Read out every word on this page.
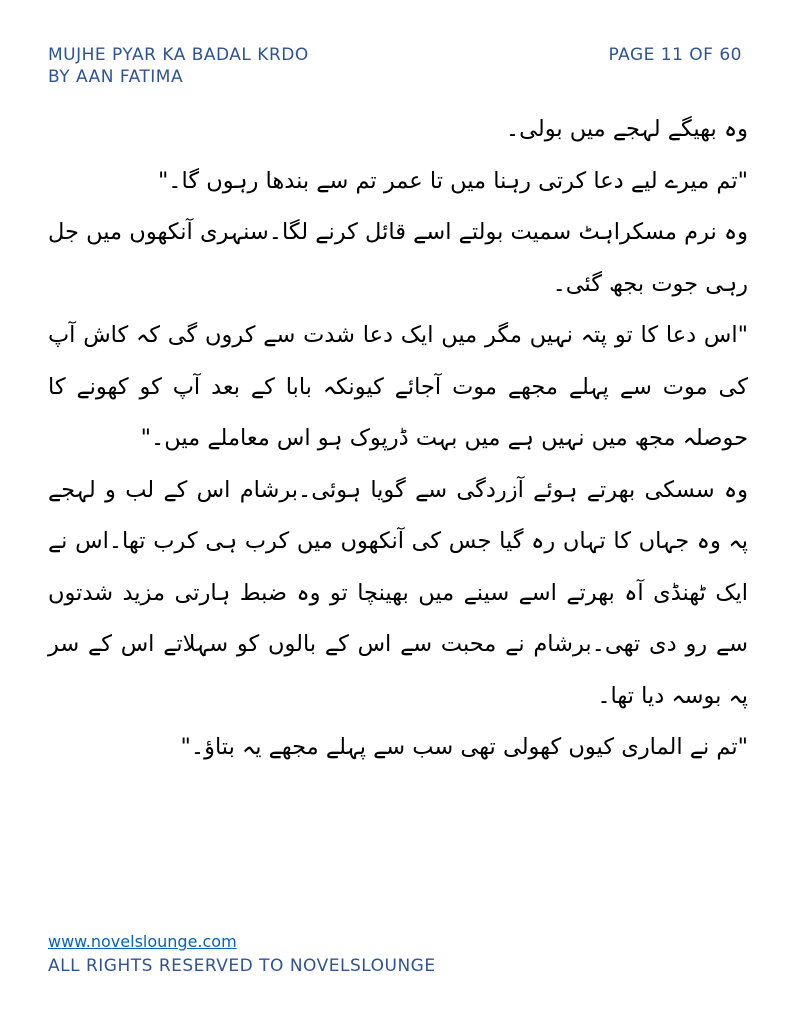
MUJHE PYAR KA BADAL KRDO
BY AAN FATIMA
PAGE 11 OF 60

وہ بھیگے لہجے میں بولی۔

"تم میرے لیے دعا کرتی رہنا میں تا عمر تم سے بندھا رہوں گا۔"

وہ نرم مسکراہٹ سمیت بولتے اسے قائل کرنے لگا۔سنہری آنکھوں میں جل رہی جوت بجھ گئی۔

"اس دعا کا تو پتہ نہیں مگر میں ایک دعا شدت سے کروں گی کہ کاش آپ کی موت سے پہلے مجھے موت آجائے کیونکہ بابا کے بعد آپ کو کھونے کا حوصلہ مجھ میں نہیں ہے میں بہت ڈرپوک ہو اس معاملے میں۔"

وہ سسکی بھرتے ہوئے آزردگی سے گویا ہوئی۔برشام اس کے لب و لہجے پہ وہ جہاں کا تہاں رہ گیا جس کی آنکھوں میں کرب ہی کرب تھا۔اس نے ایک ٹھنڈی آہ بھرتے اسے سینے میں بھینچا تو وہ ضبط ہارتی مزید شدتوں سے رو دی تھی۔برشام نے محبت سے اس کے بالوں کو سہلاتے اس کے سر پہ بوسہ دیا تھا۔

"تم نے الماری کیوں کھولی تھی سب سے پہلے مجھے یہ بتاؤ۔"

www.novelslounge.com
ALL RIGHTS RESERVED TO NOVELSLOUNGE
